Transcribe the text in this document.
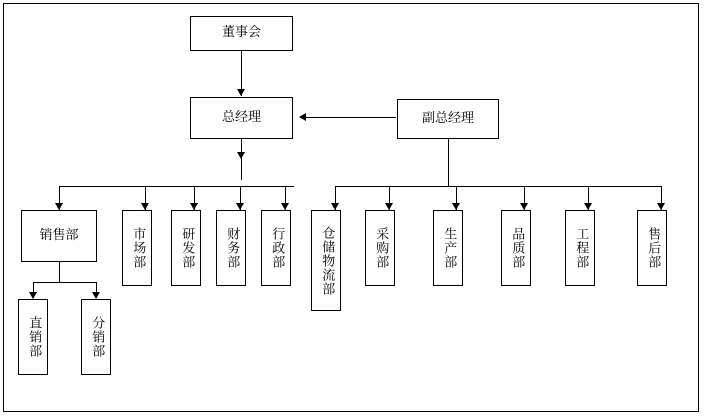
董事会
总经理	副总经理
销售部	市场部	研发部 财务部 行政部	仓储物流部	采购部	生产部	品质部	工程部	售后部
直销部	分销部
